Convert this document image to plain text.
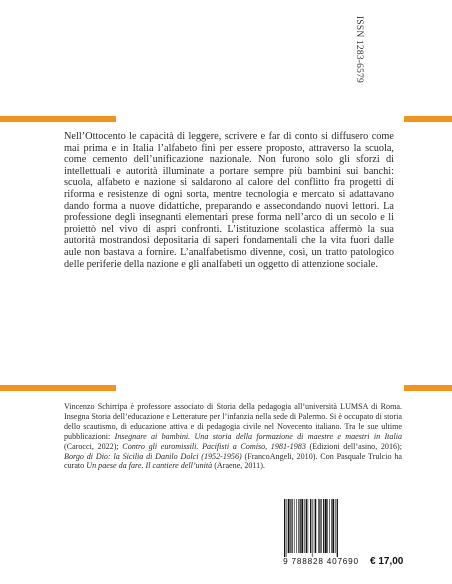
ISSN 1283-6579

Nell’Ottocento le capacità di leggere, scrivere e far di conto si diffusero come mai prima e in Italia l’alfabeto finì per essere proposto, attraverso la scuola, come cemento dell’unificazione nazionale. Non furono solo gli sforzi di intellettuali e autorità illuminate a portare sempre più bambini sui banchi: scuola, alfabeto e nazione si saldarono al calore del conflitto fra progetti di riforma e resistenze di ogni sorta, mentre tecnologia e mercato si adattavano dando forma a nuove didattiche, preparando e assecondando nuovi lettori. La professione degli insegnanti elementari prese forma nell’arco di un secolo e li proiettò nel vivo di aspri confronti. L’istituzione scolastica affermò la sua autorità mostrandosi depositaria di saperi fondamentali che la vita fuori dalle aule non bastava a fornire. L’analfabetismo divenne, così, un tratto patologico delle periferie della nazione e gli analfabeti un oggetto di attenzione sociale.

Vincenzo Schirripa è professore associato di Storia della pedagogia all’università LUMSA di Roma. Insegna Storia dell’educazione e Letterature per l’infanzia nella sede di Palermo. Si è occupato di storia dello scautismo, di educazione attiva e di pedagogia civile nel Novecento italiano. Tra le sue ultime pubblicazioni: Insegnare ai bambini. Una storia della formazione di maestre e maestri in Italia (Carocci, 2022); Contro gli euromissili. Pacifisti a Comiso, 1981-1983 (Edizioni dell’asino, 2016); Borgo di Dio: la Sicilia di Danilo Dolci (1952-1956) (FrancoAngeli, 2010). Con Pasquale Trulcio ha curato Un paese da fare. Il cantiere dell’unità (Araene, 2011).

9 788828 407690	€ 17,00
